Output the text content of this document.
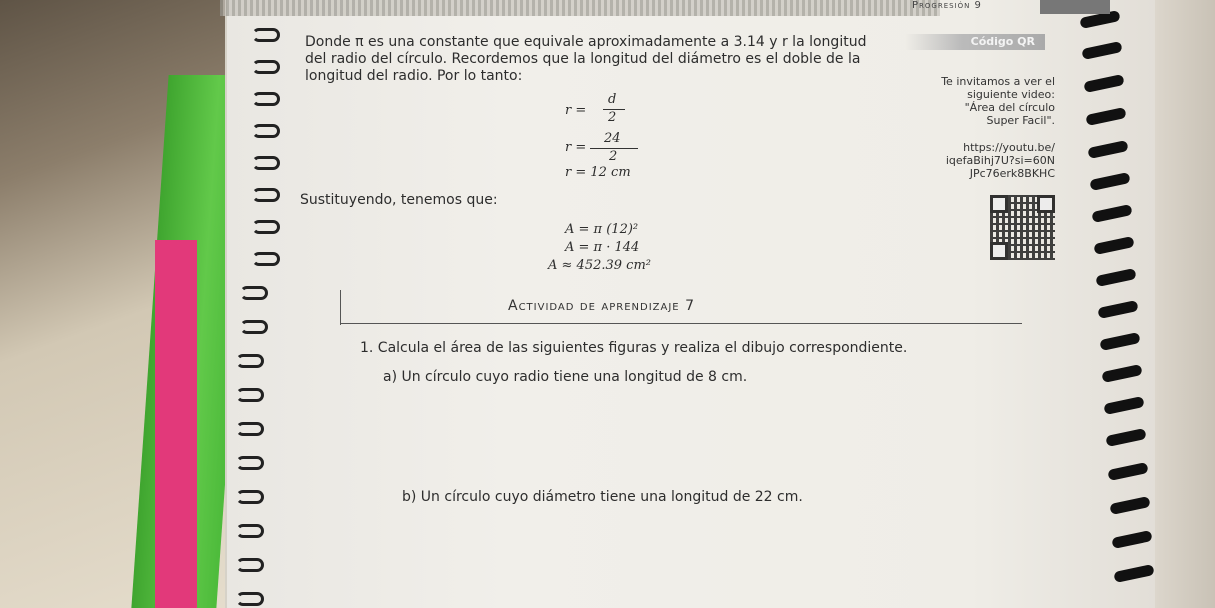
Progresión 9
Donde π es una constante que equivale aproximadamente a 3.14 y r la longitud
del radio del círculo. Recordemos que la longitud del diámetro es el doble de la
longitud del radio. Por lo tanto:
r =
d
2
r =
24
2
r = 12 cm
Sustituyendo, tenemos que:
A = π (12)²
A = π · 144
A ≈ 452.39 cm²
Código QR
Te invitamos a ver el
siguiente video:
"Área del círculo
Super Facil".
https://youtu.be/
iqefaBihj7U?si=60N
JPc76erk8BKHC
Actividad de aprendizaje 7
1. Calcula el área de las siguientes figuras y realiza el dibujo correspondiente.
a) Un círculo cuyo radio tiene una longitud de 8 cm.
b) Un círculo cuyo diámetro tiene una longitud de 22 cm.
